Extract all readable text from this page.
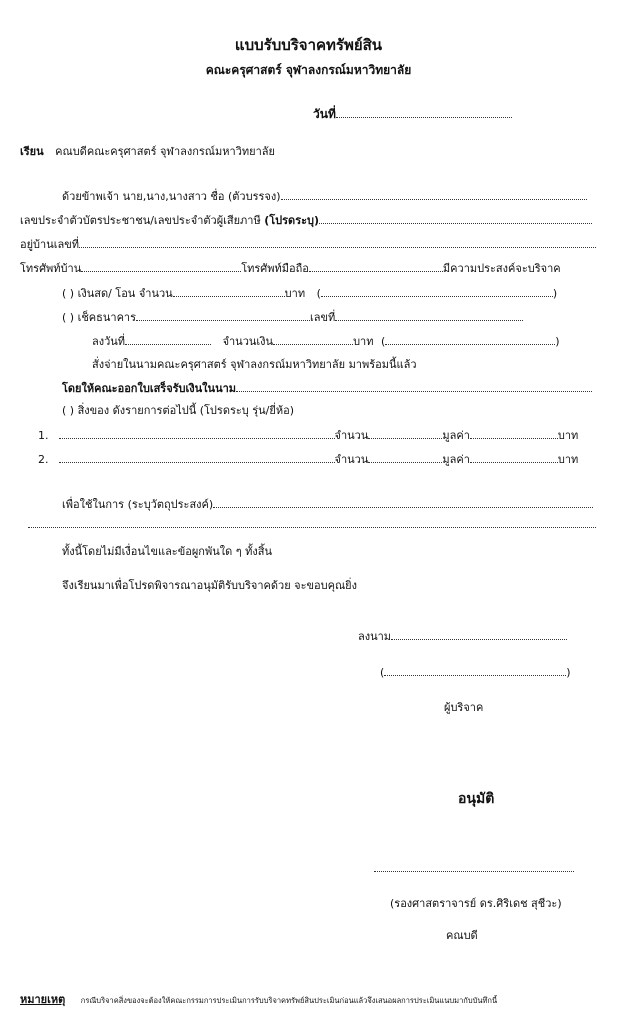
แบบรับบริจาคทรัพย์สิน
คณะครุศาสตร์ จุฬาลงกรณ์มหาวิทยาลัย
วันที่
เรียน คณบดีคณะครุศาสตร์ จุฬาลงกรณ์มหาวิทยาลัย
ด้วยข้าพเจ้า นาย,นาง,นางสาว ชื่อ (ตัวบรรจง)
เลขประจำตัวบัตรประชาชน/เลขประจำตัวผู้เสียภาษี (โปรดระบุ)
อยู่บ้านเลขที่
โทรศัพท์บ้าน	โทรศัพท์มือถือ	มีความประสงค์จะบริจาค
( ) เงินสด/ โอน จำนวน	บาท (	)
( ) เช็คธนาคาร	เลขที่
ลงวันที่	จำนวนเงิน	บาท (	)
สั่งจ่ายในนามคณะครุศาสตร์ จุฬาลงกรณ์มหาวิทยาลัย มาพร้อมนี้แล้ว
โดยให้คณะออกใบเสร็จรับเงินในนาม
( ) สิ่งของ ดังรายการต่อไปนี้ (โปรดระบุ รุ่น/ยี่ห้อ)
1.	จำนวน	มูลค่า	บาท
2.	จำนวน	มูลค่า	บาท
เพื่อใช้ในการ (ระบุวัตถุประสงค์)
ทั้งนี้โดยไม่มีเงื่อนไขและข้อผูกพันใด ๆ ทั้งสิ้น
จึงเรียนมาเพื่อโปรดพิจารณาอนุมัติรับบริจาคด้วย จะขอบคุณยิ่ง
ลงนาม
(	)
ผู้บริจาค
อนุมัติ
(รองศาสตราจารย์ ดร.ศิริเดช สุชีวะ)
คณบดี
หมายเหตุ กรณีบริจาคสิ่งของจะต้องให้คณะกรรมการประเมินการรับบริจาคทรัพย์สินประเมินก่อนแล้วจึงเสนอผลการประเมินแนบมากับบันทึกนี้
